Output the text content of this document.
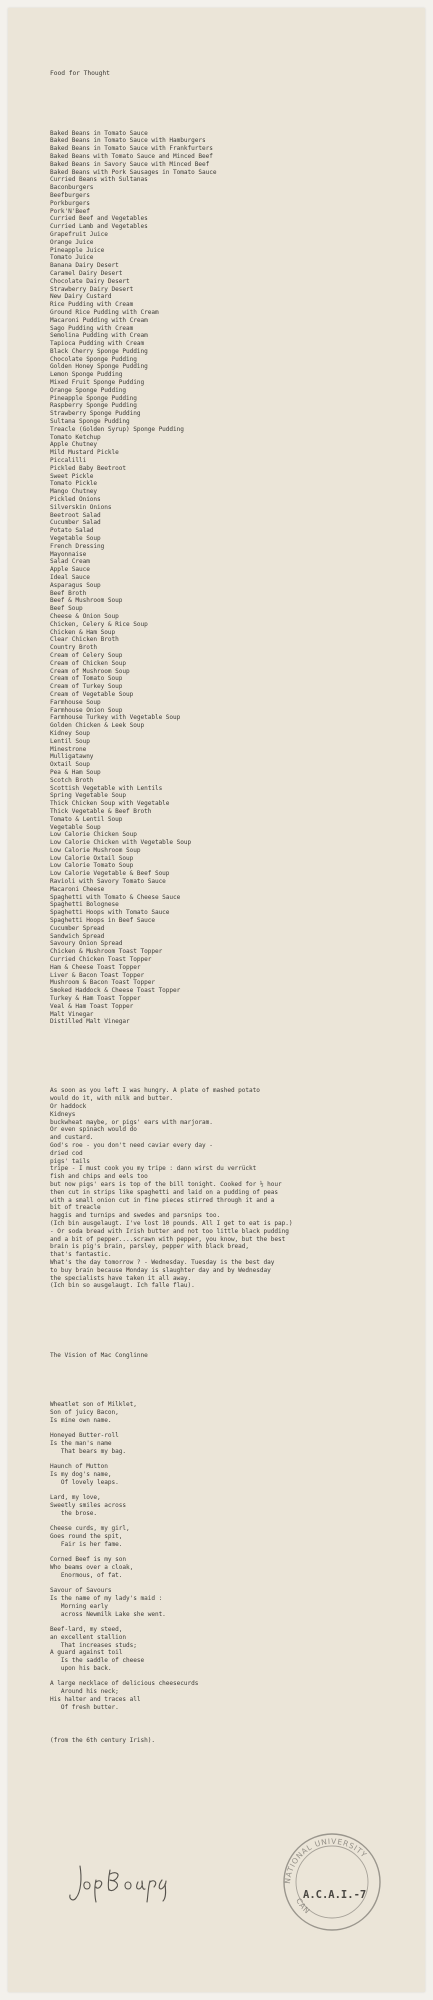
Food for Thought

Baked Beans in Tomato Sauce
Baked Beans in Tomato Sauce with Hamburgers
Baked Beans in Tomato Sauce with Frankfurters
Baked Beans with Tomato Sauce and Minced Beef
Baked Beans in Savory Sauce with Minced Beef
Baked Beans with Pork Sausages in Tomato Sauce
Curried Beans with Sultanas
Baconburgers
Beefburgers
Porkburgers
Pork'N'Beef
Curried Beef and Vegetables
Curried Lamb and Vegetables
Grapefruit Juice
Orange Juice
Pineapple Juice
Tomato Juice
Banana Dairy Desert
Caramel Dairy Desert
Chocolate Dairy Desert
Strawberry Dairy Desert
New Dairy Custard
Rice Pudding with Cream
Ground Rice Pudding with Cream
Macaroni Pudding with Cream
Sago Pudding with Cream
Semolina Pudding with Cream
Tapioca Pudding with Cream
Black Cherry Sponge Pudding
Chocolate Sponge Pudding
Golden Honey Sponge Pudding
Lemon Sponge Pudding
Mixed Fruit Sponge Pudding
Orange Sponge Pudding
Pineapple Sponge Pudding
Raspberry Sponge Pudding
Strawberry Sponge Pudding
Sultana Sponge Pudding
Treacle (Golden Syrup) Sponge Pudding
Tomato Ketchup
Apple Chutney
Mild Mustard Pickle
Piccalilli
Pickled Baby Beetroot
Sweet Pickle
Tomato Pickle
Mango Chutney
Pickled Onions
Silverskin Onions
Beetroot Salad
Cucumber Salad
Potato Salad
Vegetable Soup
French Dressing
Mayonnaise
Salad Cream
Apple Sauce
Ideal Sauce
Asparagus Soup
Beef Broth
Beef & Mushroom Soup
Beef Soup
Cheese & Onion Soup
Chicken, Celery & Rice Soup
Chicken & Ham Soup
Clear Chicken Broth
Country Broth
Cream of Celery Soup
Cream of Chicken Soup
Cream of Mushroom Soup
Cream of Tomato Soup
Cream of Turkey Soup
Cream of Vegetable Soup
Farmhouse Soup
Farmhouse Onion Soup
Farmhouse Turkey with Vegetable Soup
Golden Chicken & Leek Soup
Kidney Soup
Lentil Soup
Minestrone
Mulligatawny
Oxtail Soup
Pea & Ham Soup
Scotch Broth
Scottish Vegetable with Lentils
Spring Vegetable Soup
Thick Chicken Soup with Vegetable
Thick Vegetable & Beef Broth
Tomato & Lentil Soup
Vegetable Soup
Low Calorie Chicken Soup
Low Calorie Chicken with Vegetable Soup
Low Calorie Mushroom Soup
Low Calorie Oxtail Soup
Low Calorie Tomato Soup
Low Calorie Vegetable & Beef Soup
Ravioli with Savory Tomato Sauce
Macaroni Cheese
Spaghetti with Tomato & Cheese Sauce
Spaghetti Bolognese
Spaghetti Hoops with Tomato Sauce
Spaghetti Hoops in Beef Sauce
Cucumber Spread
Sandwich Spread
Savoury Onion Spread
Chicken & Mushroom Toast Topper
Curried Chicken Toast Topper
Ham & Cheese Toast Topper
Liver & Bacon Toast Topper
Mushroom & Bacon Toast Topper
Smoked Haddock & Cheese Toast Topper
Turkey & Ham Toast Topper
Veal & Ham Toast Topper
Malt Vinegar
Distilled Malt Vinegar

As soon as you left I was hungry. A plate of mashed potato
would do it, with milk and butter.
Or haddock
Kidneys
buckwheat maybe, or pigs' ears with marjoram.
Or even spinach would do
and custard.
God's roe - you don't need caviar every day -
dried cod
pigs' tails
tripe - I must cook you my tripe : dann wirst du verrückt
fish and chips and eels too
but now pigs' ears is top of the bill tonight. Cooked for ½ hour
then cut in strips like spaghetti and laid on a pudding of peas
with a small onion cut in fine pieces stirred through it and a
bit of treacle
haggis and turnips and swedes and parsnips too.
(Ich bin ausgelaugt. I've lost 10 pounds. All I get to eat is pap.)
- Or soda bread with Irish butter and not too little black pudding
and a bit of pepper....scrawn with pepper, you know, but the best
brain is pig's brain, parsley, pepper with black bread,
that's fantastic.
What's the day tomorrow ? - Wednesday. Tuesday is the best day
to buy brain because Monday is slaughter day and by Wednesday
the specialists have taken it all away.
(Ich bin so ausgelaugt. Ich falle flau).

The Vision of Mac Conglinne

Wheatlet son of Milklet,
Son of juicy Bacon,
Is mine own name.
Honeyed Butter-roll
Is the man's name
That bears my bag.
Haunch of Mutton
Is my dog's name,
Of lovely leaps.
Lard, my love,
Sweetly smiles across
the brose.
Cheese curds, my girl,
Goes round the spit,
Fair is her fame.
Corned Beef is my son
Who beams over a cloak,
Enormous, of fat.
Savour of Savours
Is the name of my lady's maid :
Morning early
across Newmilk Lake she went.
Beef-lard, my steed,
an excellent stallion
That increases studs;
A guard against toil
Is the saddle of cheese
upon his back.
A large necklace of delicious cheesecurds
Around his neck;
His halter and traces all
Of fresh butter.

(from the 6th century Irish).

NATIONAL UNIVERSITY
CAN
A.C.A.I.-7
